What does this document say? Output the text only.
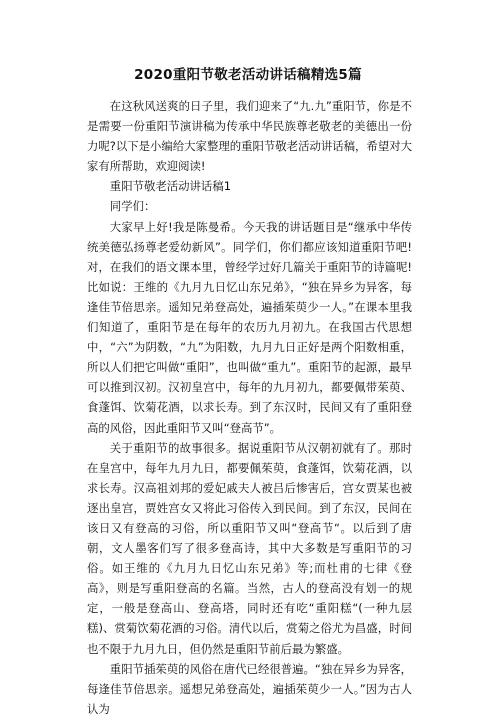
2020重阳节敬老活动讲话稿精选5篇

在这秋风送爽的日子里，我们迎来了“九.九”重阳节，你是不是需要一份重阳节演讲稿为传承中华民族尊老敬老的美德出一份力呢?以下是小编给大家整理的重阳节敬老活动讲话稿，希望对大家有所帮助，欢迎阅读!

重阳节敬老活动讲话稿1

同学们：

大家早上好!我是陈曼希。今天我的讲话题目是“继承中华传统美德弘扬尊老爱幼新风”。同学们，你们都应该知道重阳节吧!对，在我们的语文课本里，曾经学过好几篇关于重阳节的诗篇呢!比如说：王维的《九月九日忆山东兄弟》，“独在异乡为异客，每逢佳节倍思亲。遥知兄弟登高处，遍插茱萸少一人。”在课本里我们知道了，重阳节是在每年的农历九月初九。在我国古代思想中，“六”为阴数，“九”为阳数，九月九日正好是两个阳数相重，所以人们把它叫做“重阳”，也叫做“重九”。重阳节的起源，最早可以推到汉初。汉初皇宫中，每年的九月初九，都要佩带茱萸、食蓬饵、饮菊花酒，以求长寿。到了东汉时，民间又有了重阳登高的风俗，因此重阳节又叫“登高节”。

关于重阳节的故事很多。据说重阳节从汉朝初就有了。那时在皇宫中，每年九月九日，都要佩茱萸，食蓬饵，饮菊花酒，以求长寿。汉高祖刘邦的爱妃戚夫人被吕后惨害后，宫女贾某也被逐出皇宫，贾姓宫女又将此习俗传入到民间。到了东汉，民间在该日又有登高的习俗，所以重阳节又叫“登高节“。以后到了唐朝，文人墨客们写了很多登高诗，其中大多数是写重阳节的习俗。如王维的《九月九日忆山东兄弟》等;而杜甫的七律《登高》，则是写重阳登高的名篇。当然，古人的登高没有划一的规定，一般是登高山、登高塔，同时还有吃“重阳糕“(一种九层糕)、赏菊饮菊花酒的习俗。清代以后，赏菊之俗尤为昌盛，时间也不限于九月九日，但仍然是重阳节前后最为繁盛。

重阳节插茱萸的风俗在唐代已经很普遍。“独在异乡为异客，每逢佳节倍思亲。遥想兄弟登高处，遍插茱萸少一人。”因为古人认为
